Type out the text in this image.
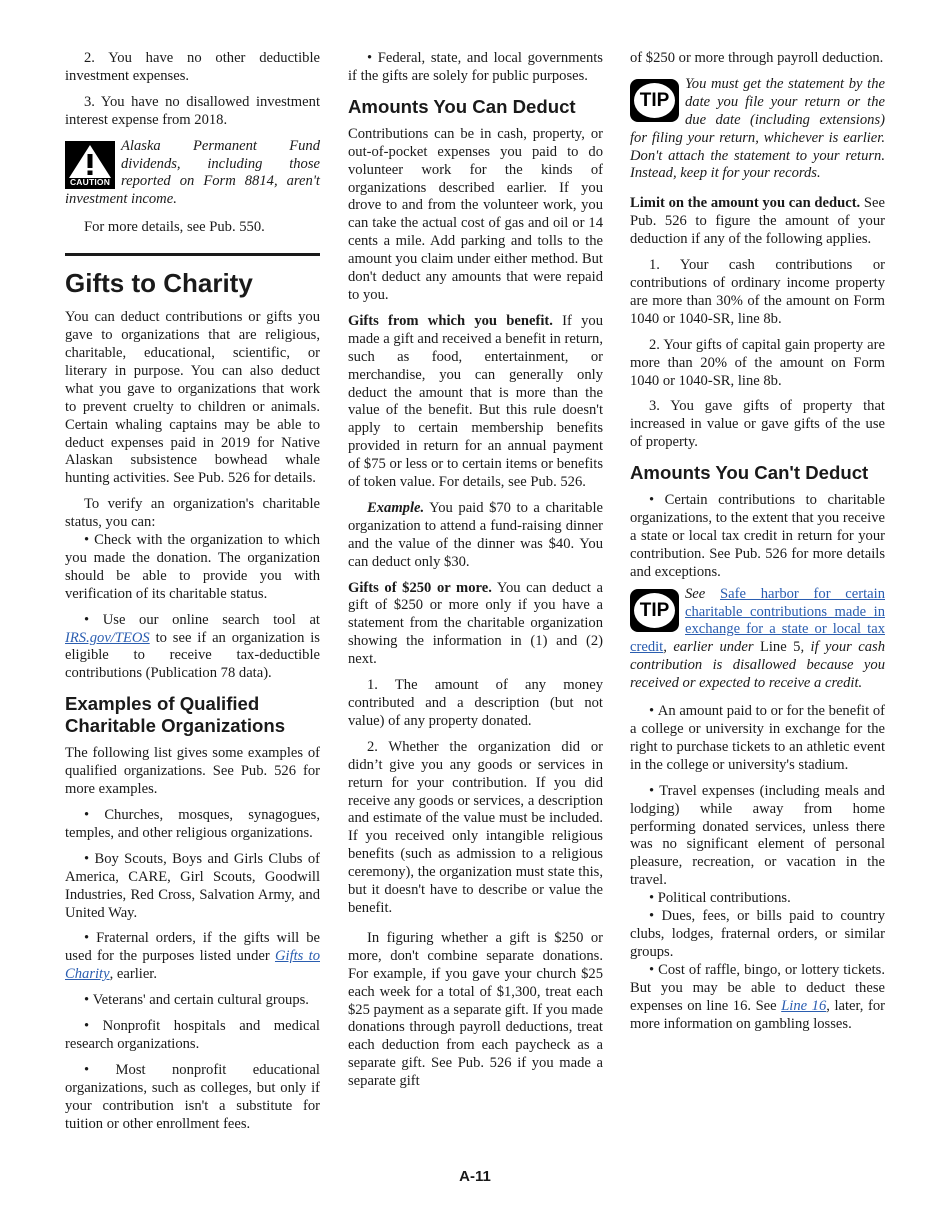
2. You have no other deductible investment expenses.

3. You have no disallowed investment interest expense from 2018.

CAUTION

Alaska Permanent Fund dividends, including those reported on Form 8814, aren't investment income.

For more details, see Pub. 550.

Gifts to Charity

You can deduct contributions or gifts you gave to organizations that are religious, charitable, educational, scientific, or literary in purpose. You can also deduct what you gave to organizations that work to prevent cruelty to children or animals. Certain whaling captains may be able to deduct expenses paid in 2019 for Native Alaskan subsistence bowhead whale hunting activities. See Pub. 526 for details.

To verify an organization's charitable status, you can:

• Check with the organization to which you made the donation. The organization should be able to provide you with verification of its charitable status.

• Use our online search tool at IRS.gov/TEOS to see if an organization is eligible to receive tax-deductible contributions (Publication 78 data).

Examples of Qualified Charitable Organizations

The following list gives some examples of qualified organizations. See Pub. 526 for more examples.

• Churches, mosques, synagogues, temples, and other religious organizations.

• Boy Scouts, Boys and Girls Clubs of America, CARE, Girl Scouts, Goodwill Industries, Red Cross, Salvation Army, and United Way.

• Fraternal orders, if the gifts will be used for the purposes listed under Gifts to Charity, earlier.

• Veterans' and certain cultural groups.

• Nonprofit hospitals and medical research organizations.

• Most nonprofit educational organizations, such as colleges, but only if your contribution isn't a substitute for tuition or other enrollment fees.

• Federal, state, and local governments if the gifts are solely for public purposes.

Amounts You Can Deduct

Contributions can be in cash, property, or out-of-pocket expenses you paid to do volunteer work for the kinds of organizations described earlier. If you drove to and from the volunteer work, you can take the actual cost of gas and oil or 14 cents a mile. Add parking and tolls to the amount you claim under either method. But don't deduct any amounts that were repaid to you.

Gifts from which you benefit. If you made a gift and received a benefit in return, such as food, entertainment, or merchandise, you can generally only deduct the amount that is more than the value of the benefit. But this rule doesn't apply to certain membership benefits provided in return for an annual payment of $75 or less or to certain items or benefits of token value. For details, see Pub. 526.

Example. You paid $70 to a charitable organization to attend a fund-raising dinner and the value of the dinner was $40. You can deduct only $30.

Gifts of $250 or more. You can deduct a gift of $250 or more only if you have a statement from the charitable organization showing the information in (1) and (2) next.

1. The amount of any money contributed and a description (but not value) of any property donated.

2. Whether the organization did or didn’t give you any goods or services in return for your contribution. If you did receive any goods or services, a description and estimate of the value must be included. If you received only intangible religious benefits (such as admission to a religious ceremony), the organization must state this, but it doesn't have to describe or value the benefit.

In figuring whether a gift is $250 or more, don't combine separate donations. For example, if you gave your church $25 each week for a total of $1,300, treat each $25 payment as a separate gift. If you made donations through payroll deductions, treat each deduction from each paycheck as a separate gift. See Pub. 526 if you made a separate gift

of $250 or more through payroll deduction.

TIP

You must get the statement by the date you file your return or the due date (including extensions) for filing your return, whichever is earlier. Don't attach the statement to your return. Instead, keep it for your records.

Limit on the amount you can deduct. See Pub. 526 to figure the amount of your deduction if any of the following applies.

1. Your cash contributions or contributions of ordinary income property are more than 30% of the amount on Form 1040 or 1040-SR, line 8b.

2. Your gifts of capital gain property are more than 20% of the amount on Form 1040 or 1040-SR, line 8b.

3. You gave gifts of property that increased in value or gave gifts of the use of property.

Amounts You Can't Deduct

• Certain contributions to charitable organizations, to the extent that you receive a state or local tax credit in return for your contribution. See Pub. 526 for more details and exceptions.

TIP

See Safe harbor for certain charitable contributions made in exchange for a state or local tax credit, earlier under Line 5, if your cash contribution is disallowed because you received or expected to receive a credit.

• An amount paid to or for the benefit of a college or university in exchange for the right to purchase tickets to an athletic event in the college or university's stadium.

• Travel expenses (including meals and lodging) while away from home performing donated services, unless there was no significant element of personal pleasure, recreation, or vacation in the travel.

• Political contributions.

• Dues, fees, or bills paid to country clubs, lodges, fraternal orders, or similar groups.

• Cost of raffle, bingo, or lottery tickets. But you may be able to deduct these expenses on line 16. See Line 16, later, for more information on gambling losses.

A-11
